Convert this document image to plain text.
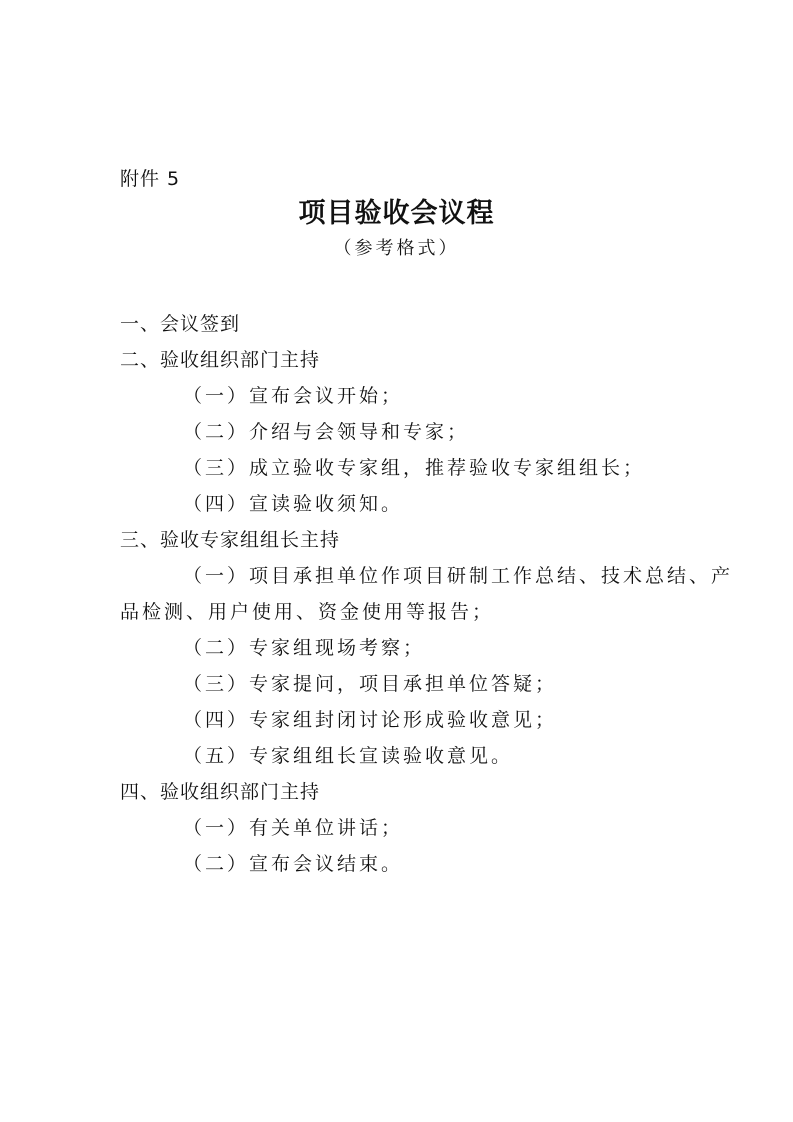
附件 5
项目验收会议程
（参考格式）
一、会议签到
二、验收组织部门主持
（一）宣布会议开始；
（二）介绍与会领导和专家；
（三）成立验收专家组，推荐验收专家组组长；
（四）宣读验收须知。
三、验收专家组组长主持
（一）项目承担单位作项目研制工作总结、技术总结、产
品检测、用户使用、资金使用等报告；
（二）专家组现场考察；
（三）专家提问，项目承担单位答疑；
（四）专家组封闭讨论形成验收意见；
（五）专家组组长宣读验收意见。
四、验收组织部门主持
（一）有关单位讲话；
（二）宣布会议结束。
